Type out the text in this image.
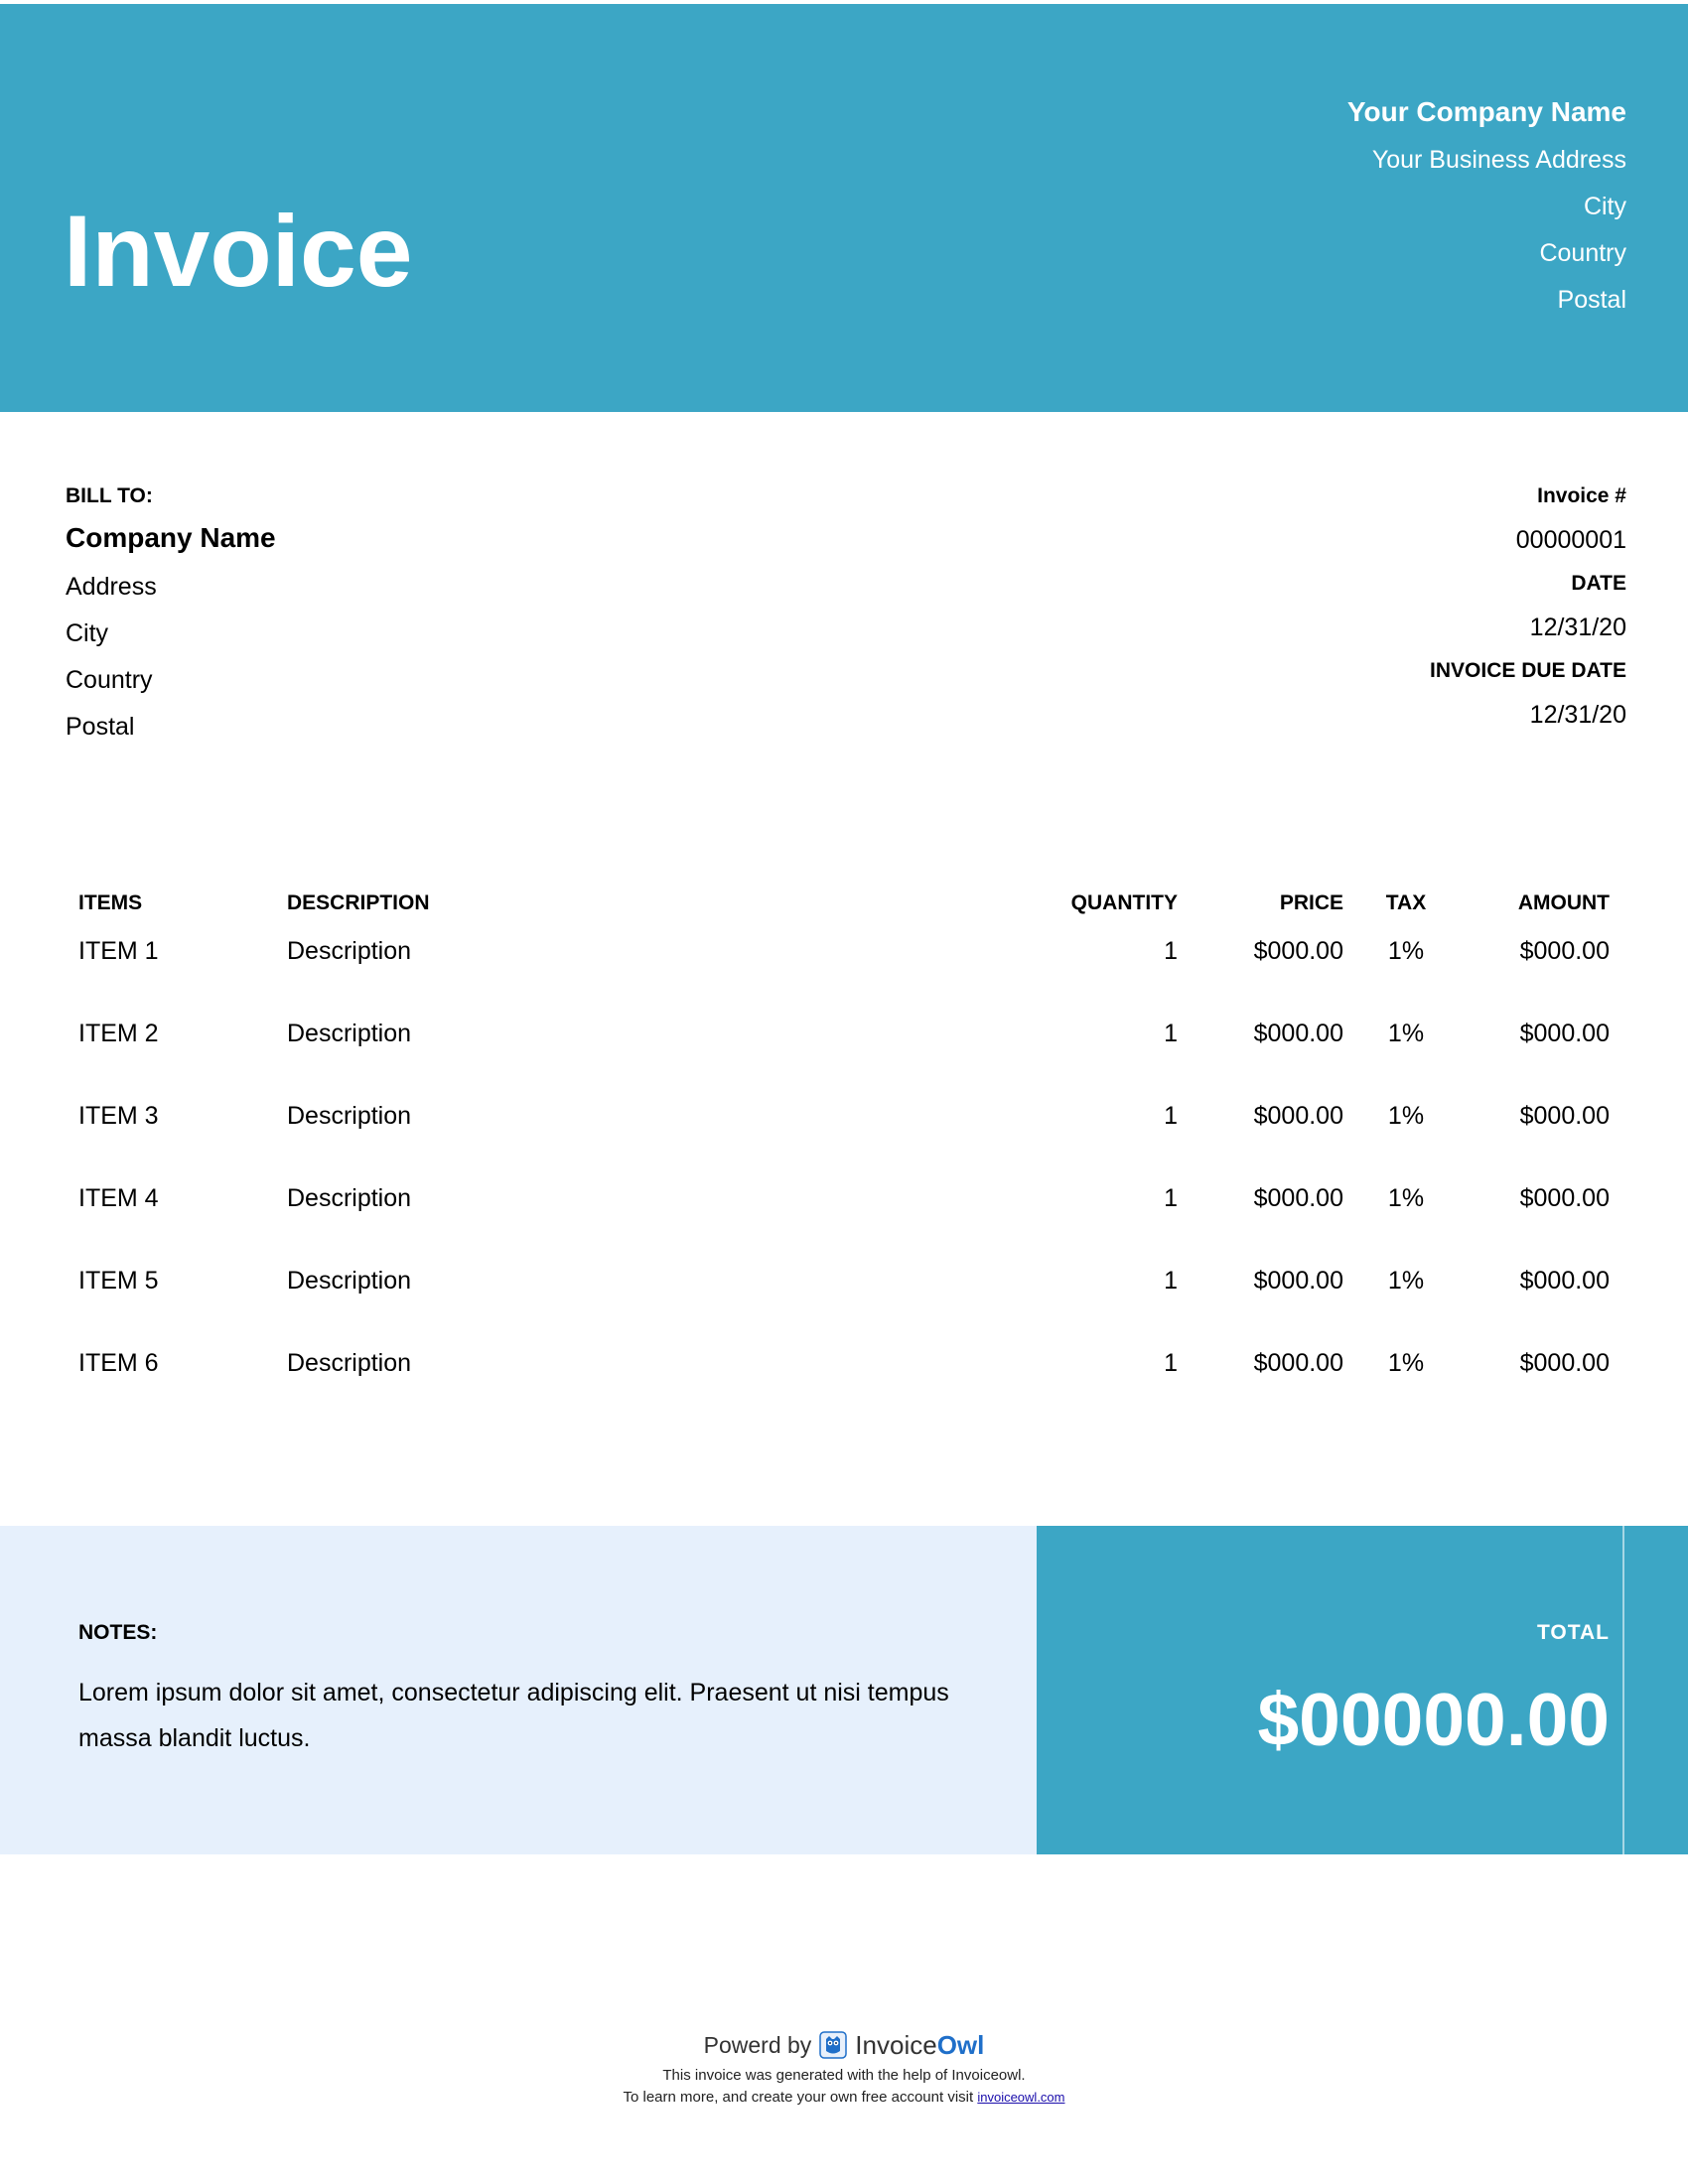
Invoice
Your Company Name
Your Business Address
City
Country
Postal
BILL TO:
Company Name
Address
City
Country
Postal
Invoice #
00000001
DATE
12/31/20
INVOICE DUE DATE
12/31/20
ITEMS	DESCRIPTION	QUANTITY	PRICE	TAX	AMOUNT
ITEM 1	Description	1	$000.00	1%	$000.00
ITEM 2	Description	1	$000.00	1%	$000.00
ITEM 3	Description	1	$000.00	1%	$000.00
ITEM 4	Description	1	$000.00	1%	$000.00
ITEM 5	Description	1	$000.00	1%	$000.00
ITEM 6	Description	1	$000.00	1%	$000.00
NOTES:
Lorem ipsum dolor sit amet, consectetur adipiscing elit. Praesent ut nisi tempus massa blandit luctus.
TOTAL
$00000.00
Powerd by InvoiceOwl
This invoice was generated with the help of Invoiceowl.
To learn more, and create your own free account visit invoiceowl.com
